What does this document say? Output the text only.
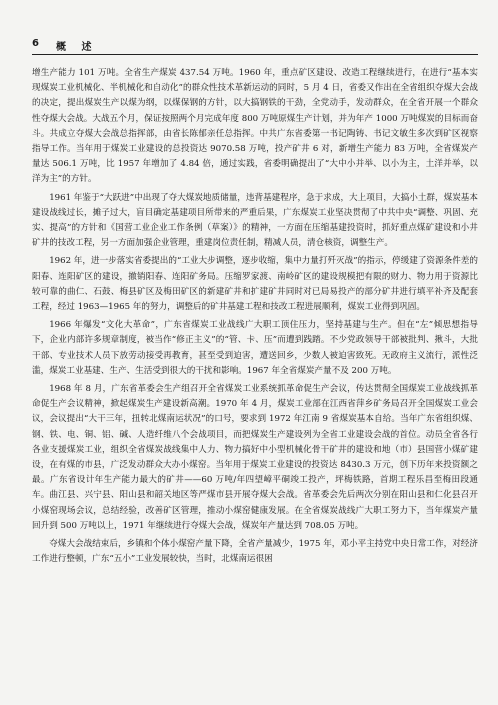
6 概 述

增生产能力 101 万吨。全省生产煤炭 437.54 万吨。1960 年，重点矿区建设、改造工程继续进行，在进行“基本实现煤炭工业机械化、半机械化和自动化”的群众性技术革新运动的同时，5 月 4 日，省委又作出在全省组织夺煤大会战的决定，提出煤炭生产以煤为纲，以煤保钢的方针，以大搞钢铁的干劲，全党动手，发动群众，在全省开展一个群众性夺煤大会战。大战五个月，保证按照两个月完成年度 800 万吨原煤生产计划，并为年产 1000 万吨煤炭的目标而奋斗。共成立夺煤大会战总指挥部，由省长陈郁亲任总指挥。中共广东省委第一书记陶铸、书记文敏生多次到矿区视察指导工作。当年用于煤炭工业建设的总投资达 9070.58 万吨，投产矿井 6 对，新增生产能力 83 万吨，全省煤炭产量达 506.1 万吨，比 1957 年增加了 4.84 倍，通过实践，省委明确提出了“大中小并举、以小为主，土洋并举，以洋为主”的方针。

1961 年鉴于“大跃进”中出现了夺大煤炭地质储量，违背基建程序，急于求成，大上项目，大搞小土群，煤炭基本建设战线过长，摊子过大，盲目确定基建项目所带来的严重后果，广东煤炭工业坚决贯彻了中共中央“调整、巩固、充实、提高”的方针和《国营工业企业工作条例（草案）》的精神，一方面在压缩基建投资时，抓好重点煤矿建设和小井矿井的技改工程，另一方面加强企业管理，重建岗位责任制，精减人员，清仓核资，调整生产。

1962 年，进一步落实省委提出的“工业大步调整，逐步收缩，集中力量打歼灭战”的指示，停缓建了资源条件差的阳春、连阳矿区的建设，撤销阳春、连阳矿务局。压缩罗家渡、南岭矿区的建设规模把有限的财力、物力用于资源比较可靠的曲仁、石鼓、梅县矿区及梅田矿区的新建矿井和扩建矿井同时对已局易投产的部分矿井进行填平补齐及配套工程，经过 1963—1965 年的努力，调整后的矿井基建工程和技改工程进展顺利，煤炭工业得到巩固。

1966 年爆发“文化大革命”，广东省煤炭工业战线广大职工顶住压力，坚持基建与生产。但在“左”倾思想指导下，企业内部许多规章制度，被当作“修正主义”的“管、卡、压”而遭到践踏。不少党政领导干部被批判、揪斗，大批干部、专业技术人员下放劳动接受再教育，甚至受到迫害，遭送回乡，少数人被迫害致死。无政府主义流行，派性泛滥，煤炭工业基建、生产、生活受到很大的干扰和影响。1967 年全省煤炭产量不及 200 万吨。

1968 年 8 月，广东省革委会生产组召开全省煤炭工业系统抓革命促生产会议，传达贯彻全国煤炭工业战线抓革命促生产会议精神，掀起煤炭生产建设新高潮。1970 年 4 月，煤炭工业部在江西省萍乡矿务局召开全国煤炭工业会议，会议提出“大干三年，扭转北煤南运状况”的口号，要求到 1972 年江南 9 省煤炭基本自给。当年广东省组织煤、钢、铁、电、铜、铝、碱、人造纤维八个会战项目，而把煤炭生产建设列为全省工业建设会战的首位。动员全省各行各业支援煤炭工业，组织全省煤炭战线集中人力、物力搞好中小型机械化骨干矿井的建设和地（市）县国营小煤矿建设，在有煤的市县，广泛发动群众大办小煤窑。当年用于煤炭工业建设的投资达 8430.3 万元，创下历年来投资额之最。广东省设计年生产能力最大的矿井——60 万吨/年四望嶂平硐竣工投产，坪梅铁路，首期工程乐昌至梅田段通车。曲江县、兴宁县、阳山县和韶关地区等严煤市县开展夺煤大会战。省革委会先后两次分别在阳山县和仁化县召开小煤窑现场会议，总结经验，改善矿区管理，推动小煤窑健康发展。在全省煤炭战线广大职工努力下，当年煤炭产量回升到 500 万吨以上，1971 年继续进行夺煤大会战，煤炭年产量达到 708.05 万吨。

夺煤大会战结束后，乡镇和个体小煤窑产量下降，全省产量减少，1975 年，邓小平主持党中央日常工作，对经济工作进行整顿，广东“五小”工业发展较快，当时，北煤南运很困
